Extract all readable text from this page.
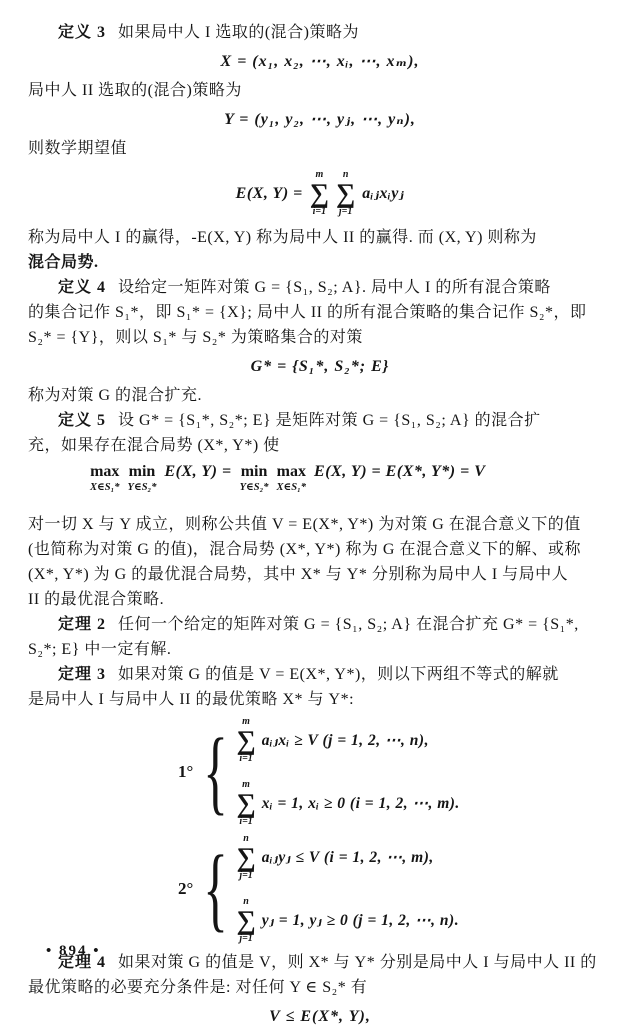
定义 3 如果局中人 I 选取的(混合)策略为

X = (x₁, x₂, ⋯, xᵢ, ⋯, xₘ),

局中人 II 选取的(混合)策略为

Y = (y₁, y₂, ⋯, yⱼ, ⋯, yₙ),

则数学期望值

E(X, Y) =
m
∑
i=1
n
∑
j=1
aᵢⱼxᵢyⱼ

称为局中人 I 的赢得，-E(X, Y) 称为局中人 II 的赢得. 而 (X, Y) 则称为

混合局势.

定义 4 设给定一矩阵对策 G = {S₁, S₂; A}. 局中人 I 的所有混合策略

的集合记作 S₁*，即 S₁* = {X}; 局中人 II 的所有混合策略的集合记作 S₂*，即

S₂* = {Y}，则以 S₁* 与 S₂* 为策略集合的对策

G* = {S₁*, S₂*; E}

称为对策 G 的混合扩充.

定义 5 设 G* = {S₁*, S₂*; E} 是矩阵对策 G = {S₁, S₂; A} 的混合扩

充，如果存在混合局势 (X*, Y*) 使

max
X∈S₁*
min
Y∈S₂*
E(X, Y) = min
Y∈S₂*
max
X∈S₁*
E(X, Y) = E(X*, Y*) = V

对一切 X 与 Y 成立，则称公共值 V = E(X*, Y*) 为对策 G 在混合意义下的值

(也简称为对策 G 的值)，混合局势 (X*, Y*) 称为 G 在混合意义下的解、或称

(X*, Y*) 为 G 的最优混合局势，其中 X* 与 Y* 分别称为局中人 I 与局中人

II 的最优混合策略.

定理 2 任何一个给定的矩阵对策 G = {S₁, S₂; A} 在混合扩充 G* = {S₁*,

S₂*; E} 中一定有解.

定理 3 如果对策 G 的值是 V = E(X*, Y*)，则以下两组不等式的解就

是局中人 I 与局中人 II 的最优策略 X* 与 Y*:

1° { m
∑
i=1
aᵢⱼxᵢ ≥ V (j = 1, 2, ⋯, n),
m
∑
i=1
xᵢ = 1, xᵢ ≥ 0 (i = 1, 2, ⋯, m).
2° { n
∑
j=1
aᵢⱼyⱼ ≤ V (i = 1, 2, ⋯, m),
n
∑
j=1
yⱼ = 1, yⱼ ≥ 0 (j = 1, 2, ⋯, n).

定理 4 如果对策 G 的值是 V，则 X* 与 Y* 分别是局中人 I 与局中人 II 的

最优策略的必要充分条件是: 对任何 Y ∈ S₂* 有

V ≤ E(X*, Y),
• 894 •
